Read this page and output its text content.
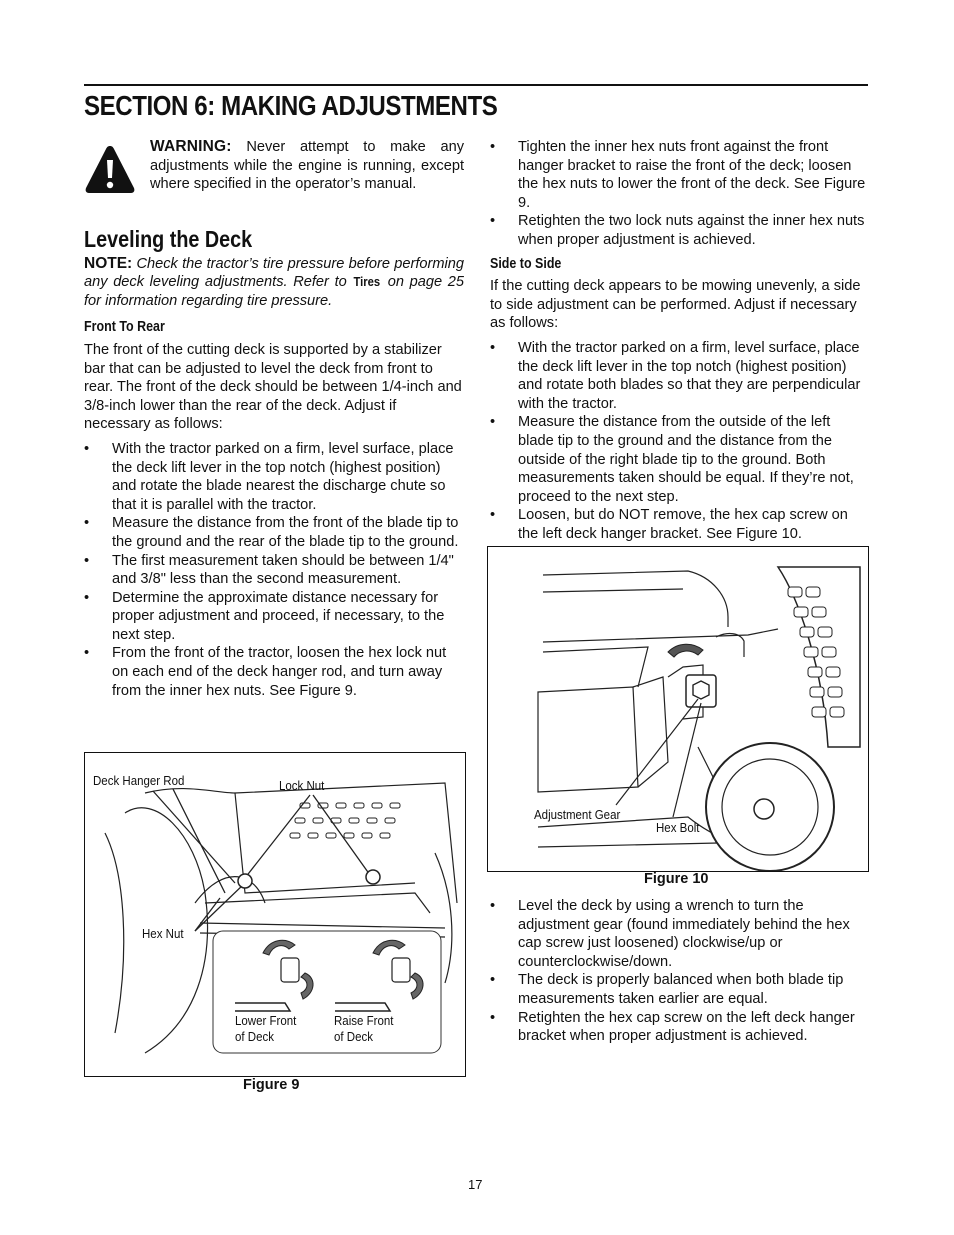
SECTION 6: MAKING ADJUSTMENTS
WARNING: Never attempt to make any adjustments while the engine is running, except where specified in the operator’s manual.
Leveling the Deck

NOTE: Check the tractor’s tire pressure before performing any deck leveling adjustments. Refer to Tires on page 25 for information regarding tire pressure.

Front To Rear

The front of the cutting deck is supported by a stabilizer bar that can be adjusted to level the deck from front to rear. The front of the deck should be between 1/4-inch and

3/8-inch lower than the rear of the deck. Adjust if necessary as follows:

• With the tractor parked on a firm, level surface, place the deck lift lever in the top notch (highest position) and rotate the blade nearest the discharge chute so that it is parallel with the tractor.
• Measure the distance from the front of the blade tip to the ground and the rear of the blade tip to the ground.
• The first measurement taken should be between 1/4" and 3/8" less than the second measurement.
• Determine the approximate distance necessary for proper adjustment and proceed, if necessary, to the next step.
• From the front of the tractor, loosen the hex lock nut on each end of the deck hanger rod, and turn away from the inner hex nuts. See Figure 9.
• Tighten the inner hex nuts front against the front hanger bracket to raise the front of the deck; loosen the hex nuts to lower the front of the deck. See Figure 9.
• Retighten the two lock nuts against the inner hex nuts when proper adjustment is achieved.
Side to Side

If the cutting deck appears to be mowing unevenly, a side to side adjustment can be performed. Adjust if necessary as follows:

• With the tractor parked on a firm, level surface, place the deck lift lever in the top notch (highest position) and rotate both blades so that they are perpendicular with the tractor.
• Measure the distance from the outside of the left blade tip to the ground and the distance from the outside of the right blade tip to the ground. Both measurements taken should be equal. If they’re not, proceed to the next step.
• Loosen, but do NOT remove, the hex cap screw on the left deck hanger bracket. See Figure 10.
• Level the deck by using a wrench to turn the adjustment gear (found immediately behind the hex cap screw just loosened) clockwise/up or counterclockwise/down.
• The deck is properly balanced when both blade tip measurements taken earlier are equal.
• Retighten the hex cap screw on the left deck hanger bracket when proper adjustment is achieved.
Deck Hanger Rod	Lock Nut
Hex Nut
Lower Front
of Deck
Raise Front
of Deck
Figure 9
Adjustment Gear
Hex Bolt
Figure 10
17
